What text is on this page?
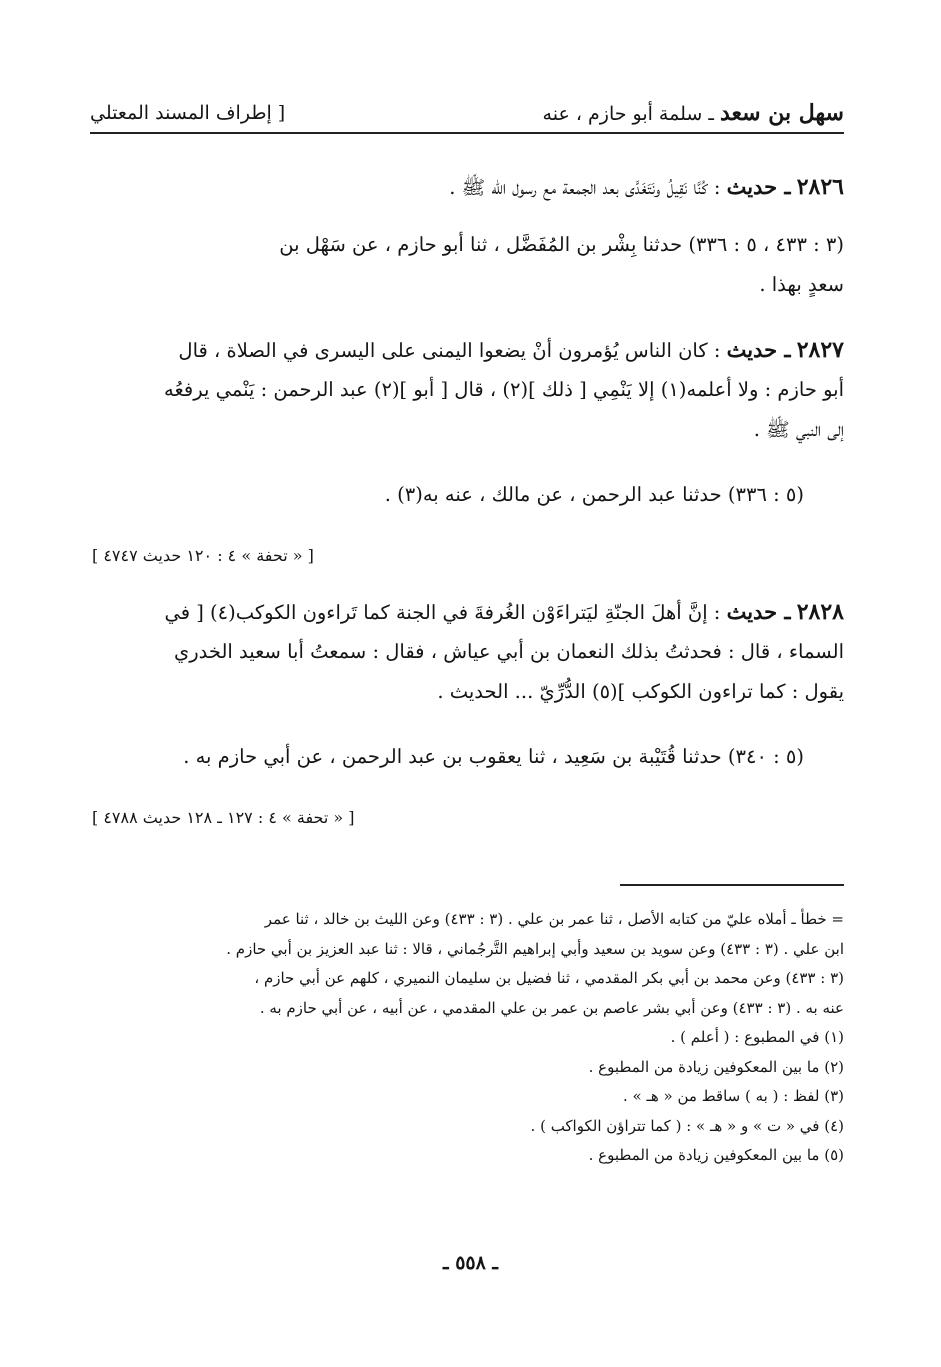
سهل بن سعد ـ سلمة أبو حازم ، عنه
[ إطراف المسند المعتلي
٢٨٢٦ ـ حديث : كُنَّا نَقِيلُ ونَتَغَدَّى بعد الجمعة مع رسول الله ﷺ .
(٣ : ٤٣٣ ، ٥ : ٣٣٦) حدثنا بِشْر بن المُفَضَّل ، ثنا أبو حازم ، عن سَهْل بن
سعدٍ بهذا .
٢٨٢٧ ـ حديث : كان الناس يُؤمرون أنْ يضعوا اليمنى على اليسرى في الصلاة ، قال
أبو حازم : ولا أعلمه(١) إلا يَنْمِي [ ذلك ](٢) ، قال [ أبو ](٢) عبد الرحمن : يَنْمي يرفعُه
إلى النبي ﷺ .
(٥ : ٣٣٦) حدثنا عبد الرحمن ، عن مالك ، عنه به(٣) .
[ « تحفة » ٤ : ١٢٠ حديث ٤٧٤٧ ]
٢٨٢٨ ـ حديث : إنَّ أهلَ الجنّةِ ليَتراءَوْن الغُرفةَ في الجنة كما تَراءون الكوكب(٤) [ في
السماء ، قال : فحدثتُ بذلك النعمان بن أبي عياش ، فقال : سمعتُ أبا سعيد الخدري
يقول : كما تراءون الكوكب ](٥) الدُّرِّيّ ... الحديث .
(٥ : ٣٤٠) حدثنا قُتَيْبة بن سَعِيد ، ثنا يعقوب بن عبد الرحمن ، عن أبي حازم به .
[ « تحفة » ٤ : ١٢٧ ـ ١٢٨ حديث ٤٧٨٨ ]
= خطأ ـ أملاه عليّ من كتابه الأصل ، ثنا عمر بن علي . (٣ : ٤٣٣) وعن الليث بن خالد ، ثنا عمر
ابن علي . (٣ : ٤٣٣) وعن سويد بن سعيد وأبي إبراهيم التَّرجُماني ، قالا : ثنا عبد العزيز بن أبي حازم .
(٣ : ٤٣٣) وعن محمد بن أبي بكر المقدمي ، ثنا فضيل بن سليمان النميري ، كلهم عن أبي حازم ،
عنه به . (٣ : ٤٣٣) وعن أبي بشر عاصم بن عمر بن علي المقدمي ، عن أبيه ، عن أبي حازم به .
(١) في المطبوع : ( أعلم ) .
(٢) ما بين المعكوفين زيادة من المطبوع .
(٣) لفظ : ( به ) ساقط من « هـ » .
(٤) في « ت » و « هـ » : ( كما تتراؤن الكواكب ) .
(٥) ما بين المعكوفين زيادة من المطبوع .
ـ ٥٥٨ ـ
